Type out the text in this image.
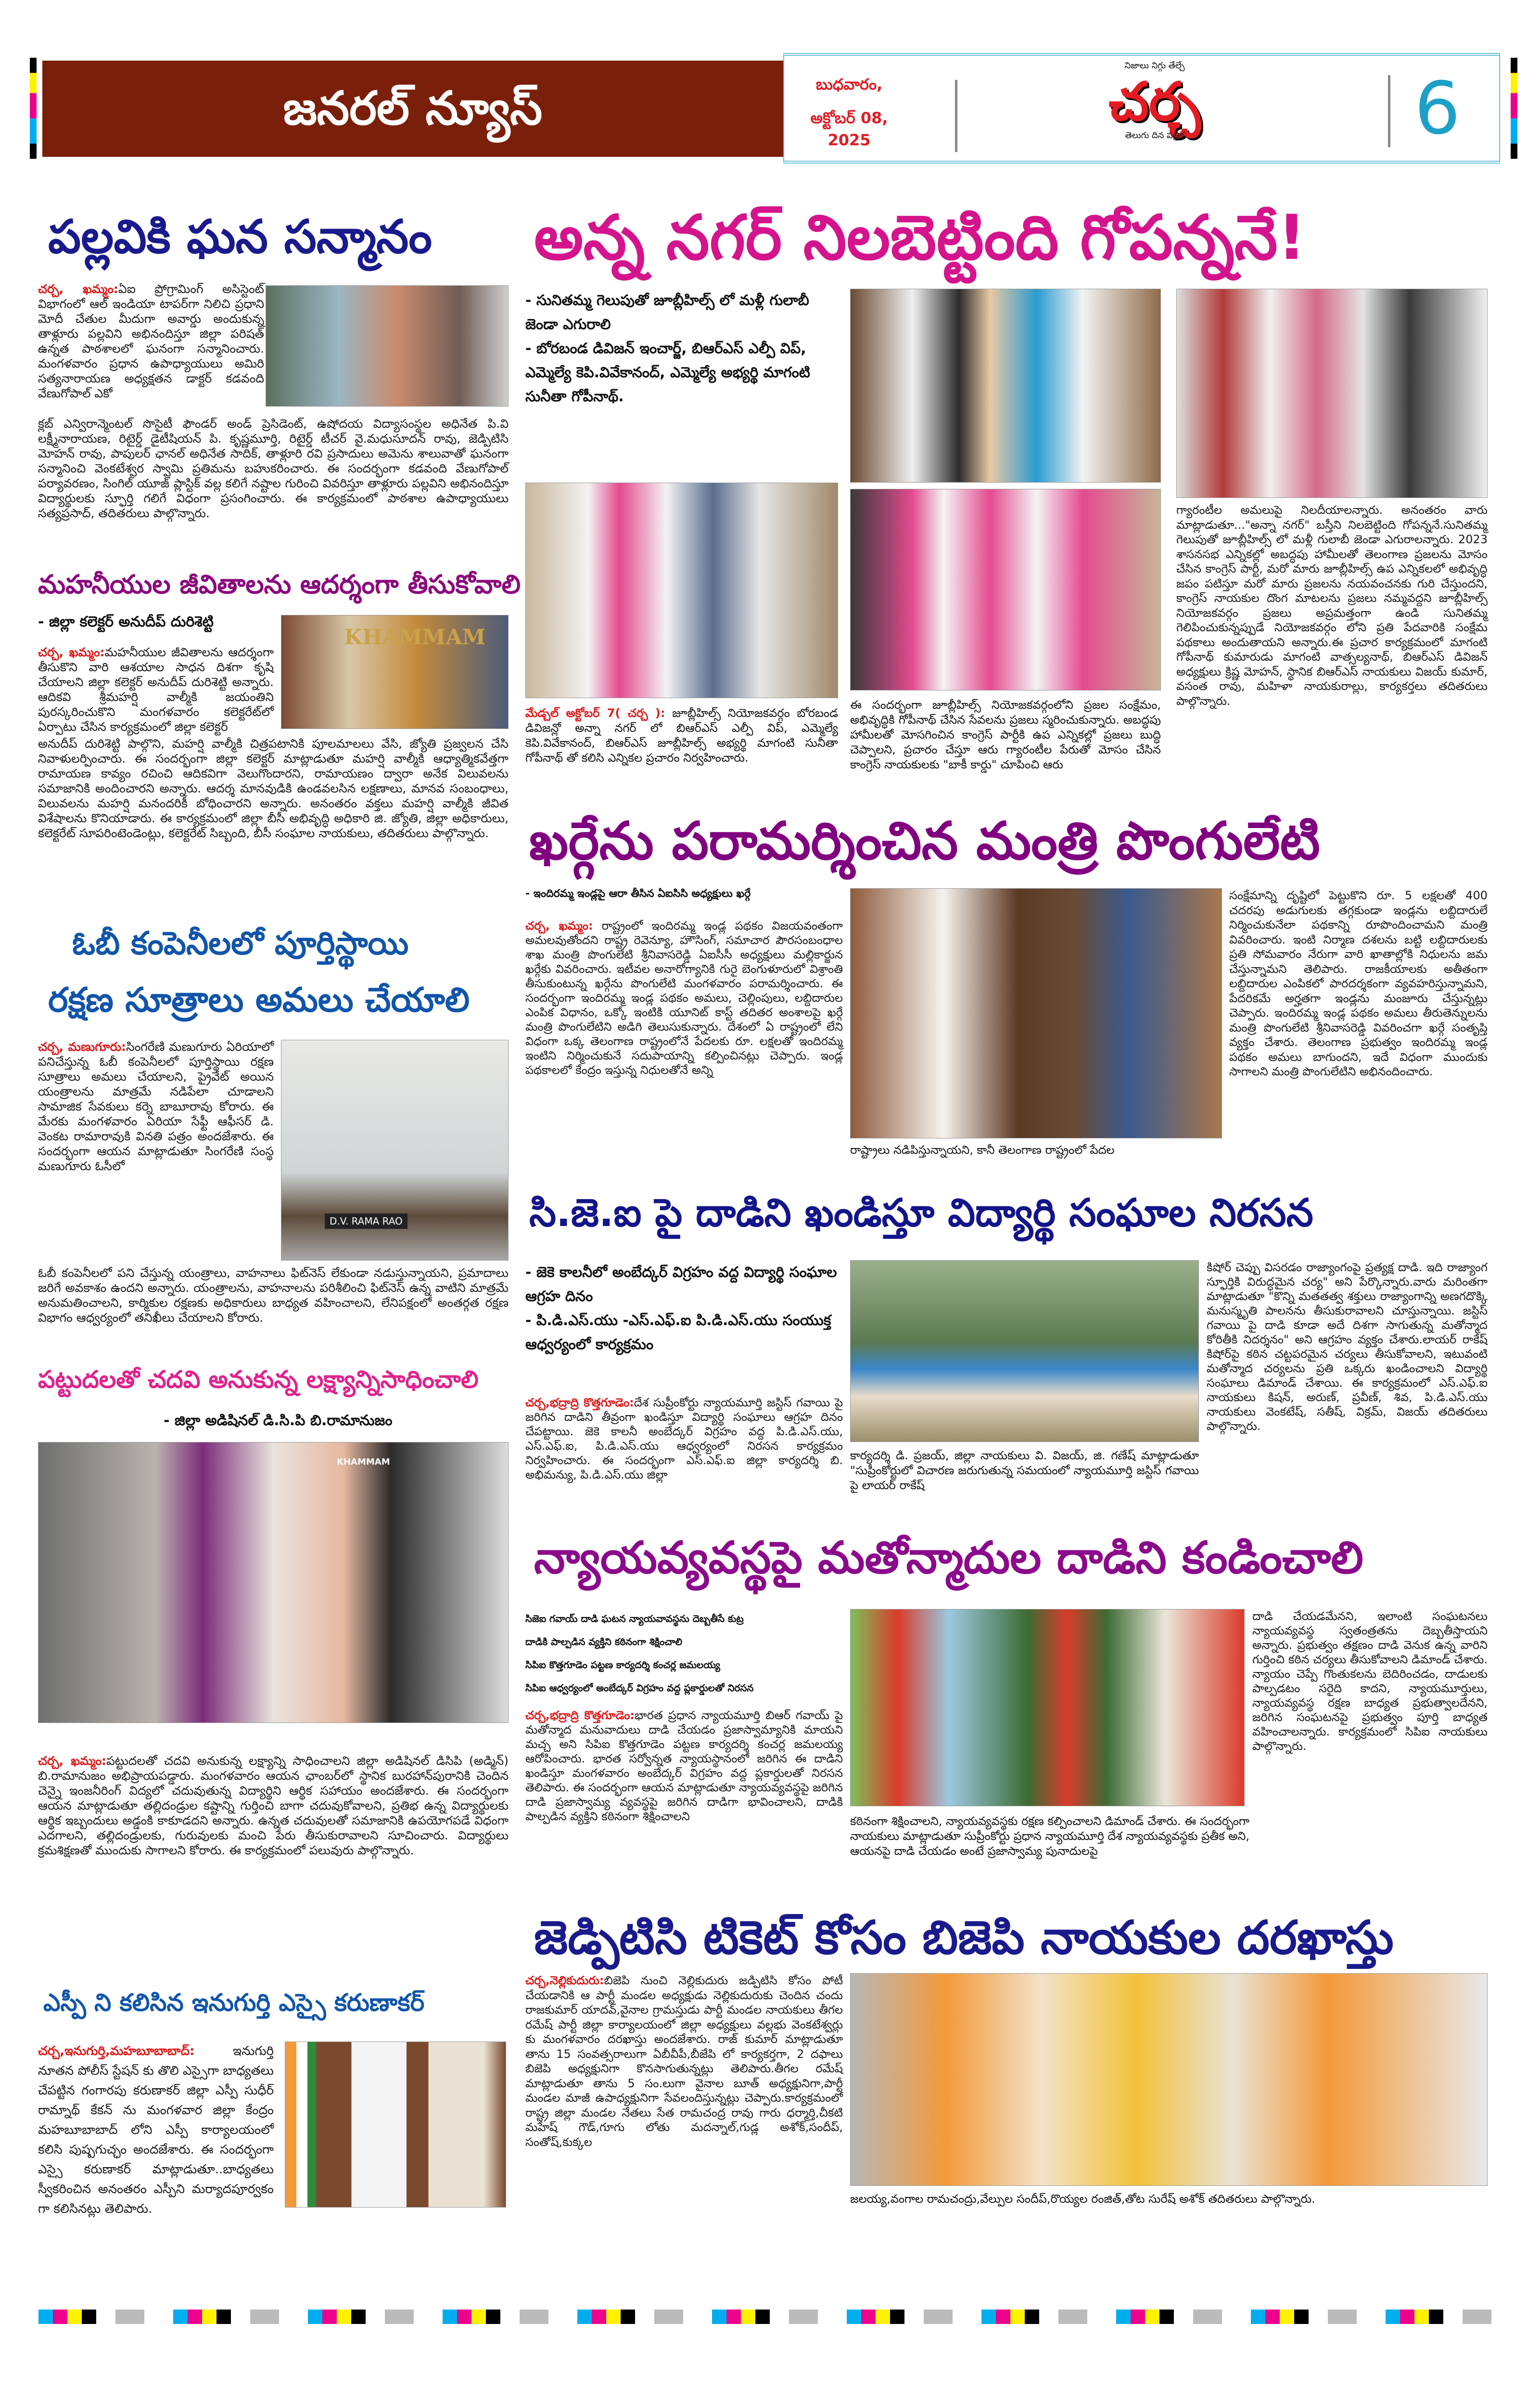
జనరల్ న్యూస్	బుధవారం,
అక్టోబర్ 08, 2025
నిజాలు నిగ్గు తేల్చే
చర్చ
తెలుగు దిన పత్రిక	6
పల్లవికి ఘన సన్మానం
చర్చ, ఖమ్మం:ఏఐ ప్రోగ్రామింగ్ అసిస్టెంట్ విభాగంలో ఆల్ ఇండియా టాపర్‌గా నిలిచి ప్రధాని మోదీ చేతుల మీదుగా అవార్డు అందుకున్న తాళ్లూరు పల్లవిని అభినందిస్తూ జిల్లా పరిషత్ ఉన్నత పాఠశాలలో ఘనంగా సన్మానించారు. మంగళవారం ప్రధాన ఉపాధ్యాయులు అమిరి సత్యనారాయణ అధ్యక్షతన డాక్టర్ కడవంది వేణుగోపాల్ ఎకో
క్లబ్ ఎన్విరాన్మెంటల్ సొసైటీ ఫౌండర్ అండ్ ప్రెసిడెంట్, ఉషోదయ విద్యాసంస్థల అధినేత పి.వి లక్ష్మీనారాయణ, రిటైర్డ్ డైటీషియన్ పి. కృష్ణమూర్తి, రిటైర్డ్ టీచర్ వై.మధుసూదన్ రావు, జెడ్పిటిసి మోహన్ రావు, పాపులర్ ఛానల్ అధినేత సాదిక్, తాళ్లూరి రవి ప్రసాదులు అమెను శాలువాతో ఘనంగా సన్మానించి వెంకటేశ్వర స్వామి ప్రతిమను బహుకరించారు. ఈ సందర్భంగా కడవంది వేణుగోపాల్ పర్యావరణం, సింగిల్ యూజ్ ప్లాస్టిక్ వల్ల కలిగే నష్టాల గురించి వివరిస్తూ తాళ్లూరు పల్లవిని అభినందిస్తూ విద్యార్థులకు స్ఫూర్తి గలిగే విధంగా ప్రసంగించారు. ఈ కార్యక్రమంలో పాఠశాల ఉపాధ్యాయులు సత్యప్రసాద్, తదితరులు పాల్గొన్నారు.
మహనీయుల జీవితాలను ఆదర్శంగా తీసుకోవాలి
- జిల్లా కలెక్టర్ అనుదీప్ దురిశెట్టి
KHAMMAM
చర్చ, ఖమ్మం:మహనీయుల జీవితాలను ఆదర్శంగా తీసుకొని వారి ఆశయాల సాధన దిశగా కృషి చేయాలని జిల్లా కలెక్టర్ అనుదీప్ దురిశెట్టి అన్నారు. ఆదికవి శ్రీమహర్షి వాల్మీకి జయంతిని పురస్కరించుకొని మంగళవారం కలెక్టరేట్‌లో ఏర్పాటు చేసిన కార్యక్రమంలో జిల్లా కలెక్టర్
అనుదీప్ దురిశెట్టి పాల్గొని, మహర్షి వాల్మీకి చిత్రపటానికి పూలమాలలు వేసి, జ్యోతి ప్రజ్వలన చేసి నివాళులర్పించారు. ఈ సందర్భంగా జిల్లా కలెక్టర్ మాట్లాడుతూ మహర్షి వాల్మీకి ఆధ్యాత్మికవేత్తగా రామాయణ కావ్యం రచించి ఆదికవిగా వెలుగొందారని, రామాయణం ద్వారా అనేక విలువలను సమాజానికి అందించారని అన్నారు. ఆదర్శ మానవుడికి ఉండవలసిన లక్షణాలు, మానవ సంబంధాలు, విలువలను మహర్షి మనందరికీ బోధించారని అన్నారు. అనంతరం వక్తలు మహర్షి వాల్మీకి జీవిత విశేషాలను కొనియాడారు. ఈ కార్యక్రమంలో జిల్లా బీసీ అభివృద్ధి అధికారి జి. జ్యోతి, జిల్లా అధికారులు, కలెక్టరేట్ సూపరింటెండెంట్లు, కలెక్టరేట్ సిబ్బంది, బీసీ సంఘాల నాయకులు, తదితరులు పాల్గొన్నారు.
ఓబీ కంపెనీలలో పూర్తిస్థాయి
రక్షణ సూత్రాలు అమలు చేయాలి
చర్చ, మణుగూరు:సింగరేణి మణుగూరు ఏరియాలో పనిచేస్తున్న ఓబీ కంపెనీలలో పూర్తిస్థాయి రక్షణ సూత్రాలు అమలు చేయాలని, ప్రైవేట్ అయిన యంత్రాలను మాత్రమే నడిపేలా చూడాలని సామాజిక సేవకులు కర్నె బాబూరావు కోరారు. ఈ మేరకు మంగళవారం ఏరియా సేఫ్టీ ఆఫీసర్ డి. వెంకట రామారావుకి వినతి పత్రం అందజేశారు. ఈ సందర్భంగా ఆయన మాట్లాడుతూ సింగరేణి సంస్థ మణుగూరు ఓసీలో
D.V. RAMA RAO
ఓబీ కంపెనీలలో పని చేస్తున్న యంత్రాలు, వాహనాలు ఫిట్‌నెస్ లేకుండా నడుస్తున్నాయని, ప్రమాదాలు జరిగే అవకాశం ఉందని అన్నారు. యంత్రాలను, వాహనాలను పరిశీలించి ఫిట్‌నెస్ ఉన్న వాటిని మాత్రమే అనుమతించాలని, కార్మికుల రక్షణకు అధికారులు బాధ్యత వహించాలని, లేనిపక్షంలో అంతర్గత రక్షణ విభాగం ఆధ్వర్యంలో తనిఖీలు చేయాలని కోరారు.
పట్టుదలతో చదవి అనుకున్న లక్ష్యాన్నిసాధించాలి
- జిల్లా అడిషినల్ డి.సి.పి బి.రామానుజం
KHAMMAM
చర్చ, ఖమ్మం:పట్టుదలతో చదవి అనుకున్న లక్ష్యాన్ని సాధించాలని జిల్లా అడిషినల్ డిసిపి (అడ్మిన్) బి.రామానుజం అభిప్రాయపడ్డారు. మంగళవారం ఆయన ఛాంబర్‌లో స్థానిక బురహాన్‌పురానికి చెందిన చెన్నై ఇంజనీరింగ్ విద్యలో చదువుతున్న విద్యార్థిని ఆర్థిక సహాయం అందజేశారు. ఈ సందర్భంగా ఆయన మాట్లాడుతూ తల్లిదండ్రుల కష్టాన్ని గుర్తించి బాగా చదువుకోవాలని, ప్రతిభ ఉన్న విద్యార్థులకు ఆర్థిక ఇబ్బందులు అడ్డంకి కాకూడదని అన్నారు. ఉన్నత చదువులతో సమాజానికి ఉపయోగపడే విధంగా ఎదగాలని, తల్లిదండ్రులకు, గురువులకు మంచి పేరు తీసుకురావాలని సూచించారు. విద్యార్థులు క్రమశిక్షణతో ముందుకు సాగాలని కోరారు. ఈ కార్యక్రమంలో పలువురు పాల్గొన్నారు.
ఎస్పీ ని కలిసిన ఇనుగుర్తి ఎస్సై కరుణాకర్
చర్చ,ఇనుగుర్తి,మహబూబాబాద్:	ఇనుగుర్తి నూతన పోలీస్ స్టేషన్ కు తొలి ఎస్సైగా బాధ్యతలు చేపట్టిన గంగారపు కరుణాకర్ జిల్లా ఎస్పీ సుధీర్ రామ్నాథ్ కేకన్ ను మంగళవార జిల్లా కేంద్రం మహబూబాబాద్ లోని ఎస్పీ కార్యాలయంలో కలిసి పుష్పగుచ్ఛం అందజేశారు. ఈ సందర్భంగా ఎస్సై కరుణాకర్ మాట్లాడుతూ..బాధ్యతలు స్వీకరించిన అనంతరం ఎస్పీని మర్యాదపూర్వకం గా కలిసినట్లు తెలిపారు.
అన్న నగర్ నిలబెట్టింది గోపన్ననే!
- సునితమ్మ గెలుపుతో జూబ్లీహిల్స్ లో మళ్లీ గులాబీ జెండా ఎగురాలి
- బోరబండ డివిజన్ ఇంచార్జ్, బిఆర్ఎస్ ఎల్పీ విప్, ఎమ్మెల్యే కెపి.వివేకానంద్, ఎమ్మెల్యే అభ్యర్థి మాగంటి సునీతా గోపీనాథ్.
మేడ్చల్ అక్టోబర్ 7( చర్చ ): జూబ్లీహిల్స్ నియోజకవర్గం బోరబండ డివిజన్లో అన్నా నగర్ లో బిఆర్ఎస్ ఎల్పీ విప్, ఎమ్మెల్యే కెపి.వివేకానంద్, బిఆర్ఎస్ జూబ్లీహిల్స్ అభ్యర్థి మాగంటి సునీతా గోపీనాథ్ తో కలిసి ఎన్నికల ప్రచారం నిర్వహించారు.
ఈ సందర్భంగా జూబ్లీహిల్స్ నియోజకవర్గంలోని ప్రజల సంక్షేమం, అభివృద్ధికి గోపీనాథ్ చేసిన సేవలను ప్రజలు స్మరించుకున్నారు. అబద్ధపు హామీలతో మోసగించిన కాంగ్రెస్ పార్టీకి ఉప ఎన్నికల్లో ప్రజలు బుద్ధి చెప్పాలని, ప్రచారం చేస్తూ ఆరు గ్యారంటీల పేరుతో మోసం చేసిన కాంగ్రెస్ నాయకులకు "బాకీ కార్డు" చూపించి ఆరు
గ్యారంటీల అమలుపై నిలదీయాలన్నారు. అనంతరం వారు మాట్లాడుతూ..."అన్నా నగర్" బస్తీని నిలబెట్టింది గోపన్ననే.సునితమ్మ గెలుపుతో జూబ్లీహిల్స్ లో మళ్లీ గులాబీ జెండా ఎగురాలన్నారు. 2023 శాసనసభ ఎన్నికల్లో అబద్ధపు హామీలతో తెలంగాణ ప్రజలను మోసం చేసిన కాంగ్రెస్ పార్టీ, మరో మారు జూబ్లీహిల్స్ ఉప ఎన్నికలలో అభివృద్ధి జపం పటిస్తూ మరో మారు ప్రజలను నయవంచనకు గురి చేస్తుందని, కాంగ్రెస్ నాయకుల దొంగ మాటలను ప్రజలు నమ్మవద్దని జూబ్లీహిల్స్ నియోజకవర్గం ప్రజలు అప్రమత్తంగా ఉండి సునితమ్మ గెలిపించుకున్నప్పుడే నియోజకవర్గం లోని ప్రతి పేదవారికి సంక్షేమ పథకాలు అందుతాయని అన్నారు.ఈ ప్రచార కార్యక్రమంలో మాగంటి గోపీనాథ్ కుమారుడు మాగంటి వాత్సల్యనాథ్, బిఆర్ఎస్ డివిజన్ అధ్యక్షులు క్రిష్ణ మోహన్, స్థానిక బిఆర్ఎస్ నాయకులు విజయ్ కుమార్, వసంత రావు, మహిళా నాయకురాల్లు, కార్యకర్తలు తదితరులు పాల్గొన్నారు.
ఖర్గేను పరామర్శించిన మంత్రి పొంగులేటి
- ఇందిరమ్మ ఇండ్లపై ఆరా తీసిన ఏఐసిసి అధ్యక్షులు ఖర్గే
చర్చ, ఖమ్మం: రాష్ట్రంలో ఇందిరమ్మ ఇండ్ల పథకం విజయవంతంగా అమలవుతోందని రాష్ట్ర రెవెన్యూ, హౌసింగ్, సమాచార పౌరసంబంధాల శాఖ మంత్రి పొంగులేటి శ్రీనివాసరెడ్డి ఏఐసీసీ అధ్యక్షులు మల్లికార్జున ఖర్గేకు వివరించారు. ఇటీవల అనారోగ్యానికి గురై బెంగుళూరులో విశ్రాంతి తీసుకుంటున్న ఖర్గేను పొంగులేటి మంగళవారం పరామర్శించారు. ఈ సందర్భంగా ఇందిరమ్మ ఇండ్ల పథకం అమలు, చెల్లింపులు, లబ్దిదారుల ఎంపిక విధానం, ఒక్కో ఇంటికి యూనిట్ కాస్ట్ తదితర అంశాలపై ఖర్గే మంత్రి పొంగులేటిని అడిగి తెలుసుకున్నారు. దేశంలో ఏ రాష్ట్రంలో లేని విధంగా ఒక్క తెలంగాణ రాష్ట్రంలోనే పేదలకు రూ. లక్షలతో ఇందిరమ్మ ఇంటిని నిర్మించుకునే సదుపాయాన్ని కల్పించినట్లు చెప్పారు. ఇండ్ల పథకాలలో కేంద్రం ఇస్తున్న నిధులతోనే అన్ని
రాష్ట్రాలు నడిపిస్తున్నాయని, కానీ తెలంగాణ రాష్ట్రంలో పేదల
సంక్షేమాన్ని దృష్టిలో పెట్టుకొని రూ. 5 లక్షలతో 400 చదరపు అడుగులకు తగ్గకుండా ఇండ్లను లబ్దిదారులే నిర్మించుకునేలా పథకాన్ని రూపొందించామని మంత్రి వివరించారు. ఇంటి నిర్మాణ దశలను బట్టి లబ్దిదారులకు ప్రతి సోమవారం నేరుగా వారి ఖాతాల్లోకి నిధులను జమ చేస్తున్నామని తెలిపారు. రాజకీయాలకు అతీతంగా లబ్దిదారుల ఎంపికలో పారదర్శకంగా వ్యవహరిస్తున్నామని, పేదరికమే అర్హతగా ఇండ్లను మంజూరు చేస్తున్నట్లు చెప్పారు. ఇందిరమ్మ ఇండ్ల పథకం అమలు తీరుతెన్నులను మంత్రి పొంగులేటి శ్రీనివాసరెడ్డి వివరించగా ఖర్గే సంతృప్తి వ్యక్తం చేశారు. తెలంగాణ ప్రభుత్వం ఇందిరమ్మ ఇండ్ల పథకం అమలు బాగుందని, ఇదే విధంగా ముందుకు సాగాలని మంత్రి పొంగులేటిని అభినందించారు.
సి.జె.ఐ పై దాడిని ఖండిస్తూ విద్యార్థి సంఘాల నిరసన
- జెకె కాలనీలో అంబేద్కర్ విగ్రహం వద్ద విద్యార్థి సంఘాల ఆగ్రహ దినం
- పి.డి.ఎస్.యు -ఎస్.ఎఫ్.ఐ పి.డి.ఎస్.యు సంయుక్త ఆధ్వర్యంలో కార్యక్రమం
చర్చ,భద్రాద్రి కొత్తగూడెం:దేశ సుప్రీంకోర్టు న్యాయమూర్తి జస్టిస్ గవాయి పై జరిగిన దాడిని తీవ్రంగా ఖండిస్తూ విద్యార్థి సంఘాలు ఆగ్రహ దినం చేపట్టాయి. జెకె కాలనీ అంబేద్కర్ విగ్రహం వద్ద పి.డి.ఎస్.యు, ఎస్.ఎఫ్.ఐ, పి.డి.ఎస్.యు ఆధ్వర్యంలో నిరసన కార్యక్రమం నిర్వహించారు. ఈ సందర్భంగా ఎస్.ఎఫ్.ఐ జిల్లా కార్యదర్శి బి. అభిమన్యు, పి.డి.ఎస్.యు జిల్లా
కిషోర్ చెప్పు విసరడం రాజ్యాంగంపై ప్రత్యక్ష దాడి. ఇది రాజ్యాంగ స్ఫూర్తికి విరుద్ధమైన చర్య" అని పేర్కొన్నారు.వారు మరింతగా మాట్లాడుతూ "కొన్ని మతతత్వ శక్తులు రాజ్యాంగాన్ని అణగదొక్కి మనుస్మృతి పాలనను తీసుకురావాలని చూస్తున్నాయి. జస్టిస్ గవాయి పై దాడి కూడా అదే దిశగా సాగుతున్న మతోన్మాద కోరితీకి నిదర్శనం" అని ఆగ్రహం వ్యక్తం చేశారు.లాయర్ రాకేష్ కిషోర్‌పై కఠిన చట్టపరమైన చర్యలు తీసుకోవాలని, ఇటువంటి మతోన్మాద చర్యలను ప్రతి ఒక్కరు ఖండించాలని విద్యార్థి సంఘాలు డిమాండ్ చేశాయి. ఈ కార్యక్రమంలో ఎస్.ఎఫ్.ఐ నాయకులు కిషన్, అరుణ్, ప్రవీణ్, శివ, పి.డి.ఎస్.యు నాయకులు వెంకటేష్, సతీష్, విక్రమ్, విజయ్ తదితరులు పాల్గొన్నారు.
కార్యదర్శి డి. ప్రజయ్, జిల్లా నాయకులు వి. విజయ్, జి. గణేష్ మాట్లాడుతూ "సుప్రీంకోర్టులో విచారణ జరుగుతున్న సమయంలో న్యాయమూర్తి జస్టిస్ గవాయి పై లాయర్ రాకేష్
న్యాయవ్యవస్థపై మతోన్మాదుల దాడిని కండించాలి
సిజెఐ గవాయ్ దాడి ఘటన న్యాయవావస్థను దెబ్బతీసే కుట్ర
దాడికి పాల్పడిన వ్యక్తిని కఠినంగా శిక్షించాలి
సిపిఐ కొత్తగూడెం పట్టణ కార్యదర్శి కంచర్ల జమలయ్య
సిపిఐ ఆధ్వర్యంలో అంబేద్కర్ విగ్రహం వద్ద ప్లకార్డులతో నిరసన
చర్చ,భద్రాద్రి కొత్తగూడెం:భారత ప్రధాన న్యాయమూర్తి బిఆర్ గవాయ్ పై మతోన్మాద మనువాదులు దాడి చేయడం ప్రజాస్వామ్యానికి మాయని మచ్చ అని సిపిఐ కొత్తగూడెం పట్టణ కార్యదర్శి కంచర్ల జమలయ్య ఆరోపించారు. భారత సర్వోన్నత న్యాయస్థానంలో జరిగిన ఈ దాడిని ఖండిస్తూ మంగళవారం అంబేద్కర్ విగ్రహం వద్ద ప్లకార్డులతో నిరసన తెలిపారు. ఈ సందర్భంగా ఆయన మాట్లాడుతూ న్యాయవ్యవస్థపై జరిగిన దాడి ప్రజాస్వామ్య వ్యవస్థపై జరిగిన దాడిగా భావించాలని, దాడికి పాల్పడిన వ్యక్తిని కఠినంగా శిక్షించాలని
దాడి చేయడమేనని, ఇలాంటి సంఘటనలు న్యాయవ్యవస్థ స్వతంత్రతను దెబ్బతీస్తాయని అన్నారు. ప్రభుత్వం తక్షణం దాడి వెనుక ఉన్న వారిని గుర్తించి కఠిన చర్యలు తీసుకోవాలని డిమాండ్ చేశారు. న్యాయం చెప్పే గొంతుకలను బెదిరించడం, దాడులకు పాల్పడటం సరైది కాదని, న్యాయమూర్తులు, న్యాయవ్యవస్థ రక్షణ బాధ్యత ప్రభుత్వాలదేనని, జరిగిన సంఘటనపై ప్రభుత్వం పూర్తి బాధ్యత వహించాలన్నారు. కార్యక్రమంలో సిపిఐ నాయకులు పాల్గొన్నారు.
కఠినంగా శిక్షించాలని, న్యాయవ్యవస్థకు రక్షణ కల్పించాలని డిమాండ్ చేశారు. ఈ సందర్భంగా నాయకులు మాట్లాడుతూ సుప్రీంకోర్టు ప్రధాన న్యాయమూర్తి దేశ న్యాయవ్యవస్థకు ప్రతీక అని, ఆయనపై దాడి చేయడం అంటే ప్రజాస్వామ్య పునాదులపై
జెడ్పిటిసి టికెట్ కోసం బిజెపి నాయకుల దరఖాస్తు
చర్చ,నెల్లికుదురు:బిజెపి నుంచి నెల్లికుదురు జడ్పిటిసి కోసం పోటీ చేయడానికి ఆ పార్టీ మండల అధ్యక్షుడు నెల్లికుదురుకు చెందిన చందు రాజకుమార్ యాదవ్,వైనాల గ్రామస్తుడు పార్టీ మండల నాయకులు తీగల రమేష్ పార్టీ జిల్లా కార్యాలయంలో జిల్లా అధ్యక్షులు వల్లభు వెంకటేశ్వర్లు కు మంగళవారం దరఖాస్తు అందజేశారు. రాజ్ కుమార్ మాట్లాడుతూ తాను 15 సంవత్సరాలుగా ఏబీవీపీ,బీజేపి లో కార్యకర్తగా, 2 దఫాలు బిజెపి అధ్యక్షునిగా కొనసాగుతున్నట్లు తెలిపారు.తీగల రమేష్ మాట్లాడుతూ తాను 5 సం.లుగా వైనాల బూత్ అధ్యక్షునిగా,పార్టీ మండల మాజీ ఉపాధ్యక్షునిగా సేవలందిస్తున్నట్లు చెప్పారు.కార్యక్రమంలో రాష్ట్ర జిల్లా మండల నేతలు సేత రామచంద్ర రావు గారు ధర్మార్తి,చీకటి మహేష్ గౌడ్,గూగు లోతు మదన్నాల్,గుడ్ల అశోక్,సందీప్, సంతోష్,కుక్కల
జలయ్య,వంగాల రామచంద్రు,వేల్పుల సందీప్,రొయ్యల రంజిత్,తోట సురేష్ అశోక్ తదితరులు పాల్గొన్నారు.
